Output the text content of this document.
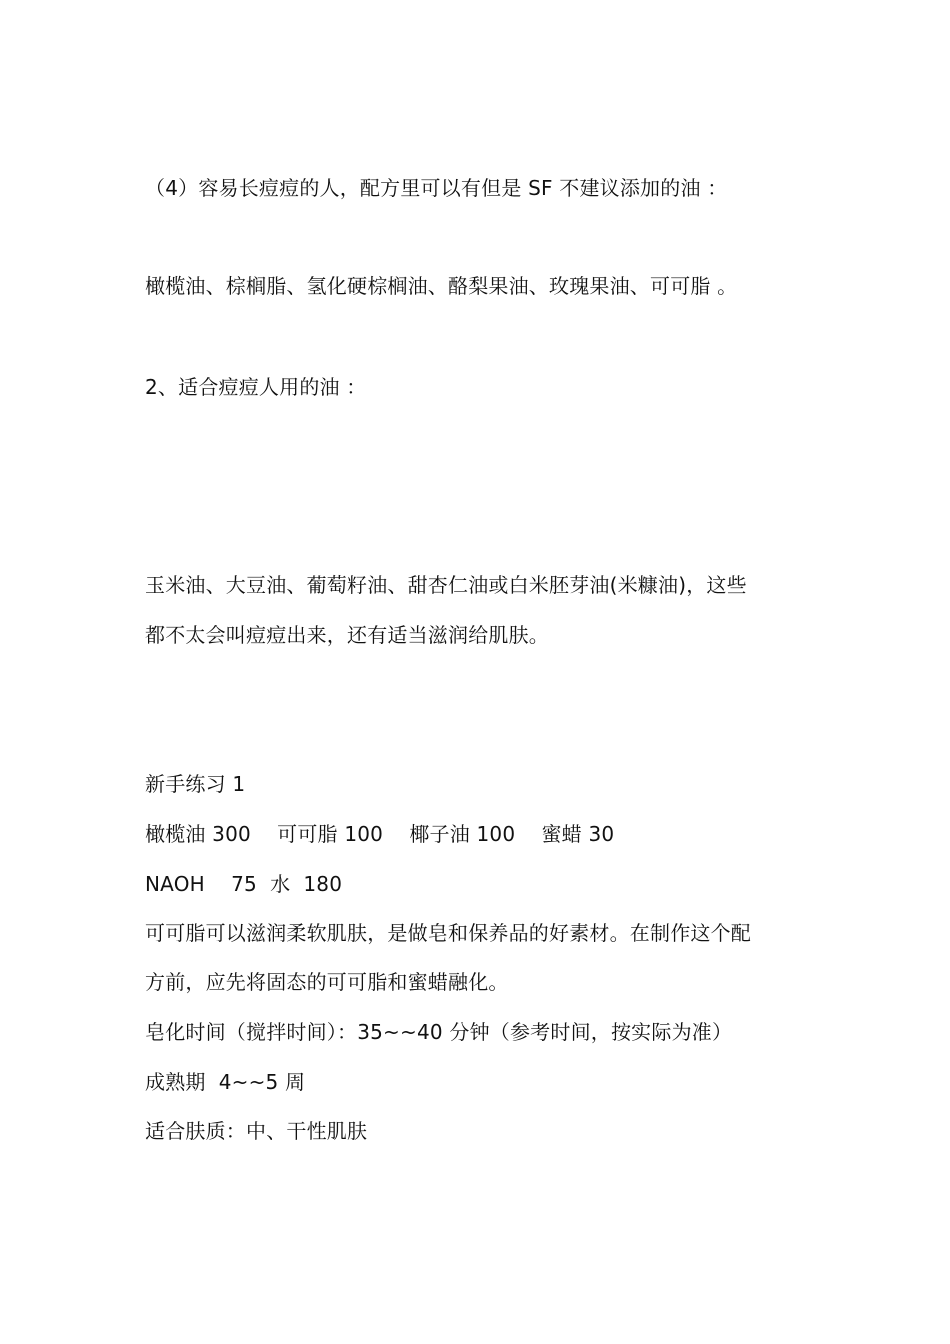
（4）容易长痘痘的人，配方里可以有但是 SF 不建议添加的油 ：
橄榄油、棕榈脂、氢化硬棕榈油、酪梨果油、玫瑰果油、可可脂 。
2、适合痘痘人用的油 ：
玉米油、大豆油、葡萄籽油、甜杏仁油或白米胚芽油(米糠油)，这些
都不太会叫痘痘出来，还有适当滋润给肌肤。
新手练习 1
橄榄油 300    可可脂 100    椰子油 100    蜜蜡 30
NAOH    75  水  180
可可脂可以滋润柔软肌肤，是做皂和保养品的好素材。在制作这个配
方前，应先将固态的可可脂和蜜蜡融化。
皂化时间（搅拌时间）：35~~40 分钟（参考时间，按实际为准）
成熟期  4~~5 周
适合肤质：中、干性肌肤
